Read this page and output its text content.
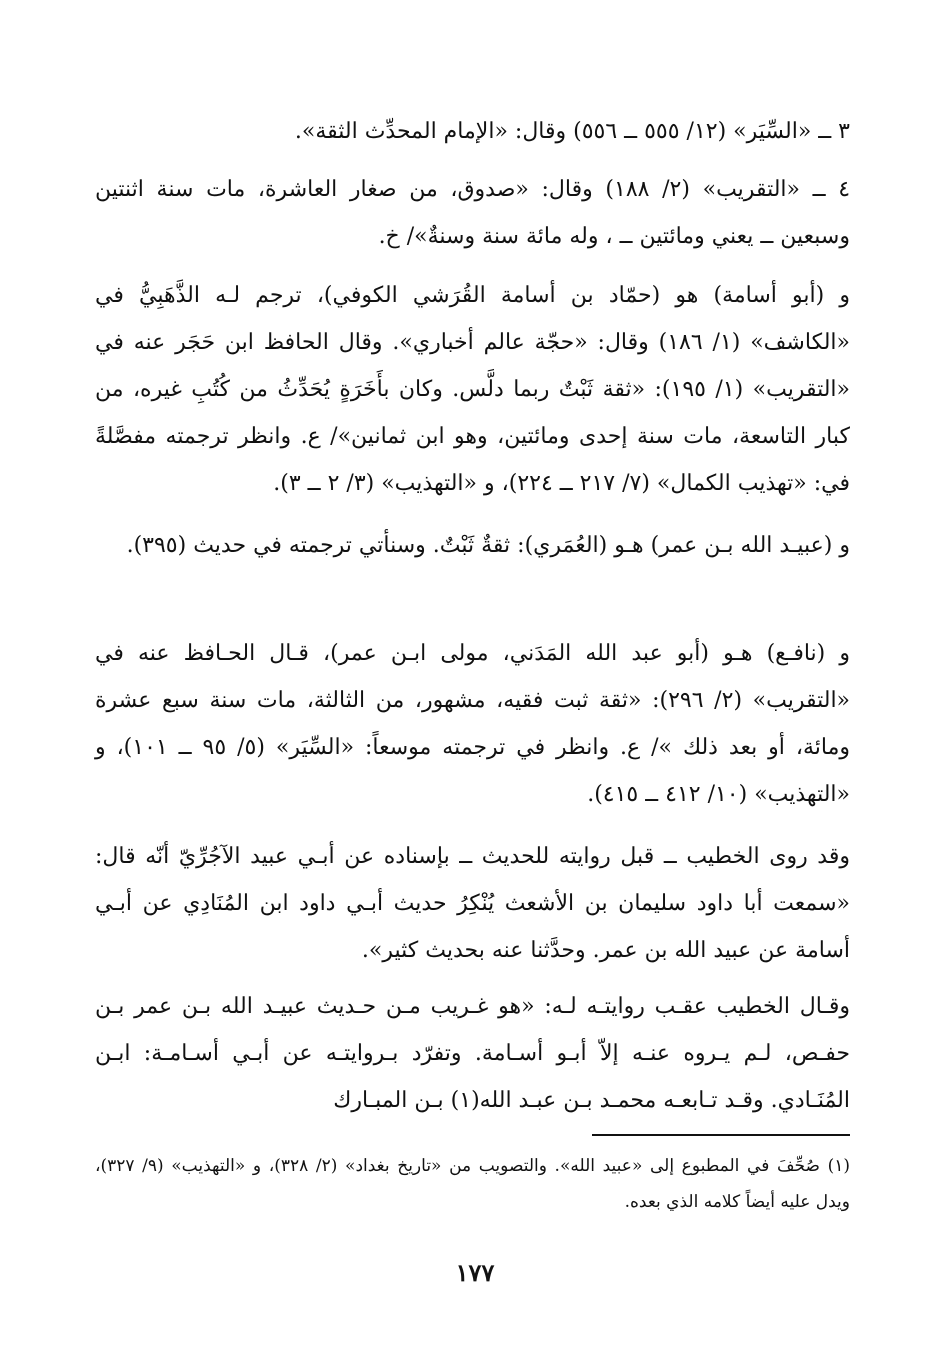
٣ ــ «السِّيَر» (١٢/ ٥٥٥ ــ ٥٥٦) وقال: «الإمام المحدِّث الثقة».

٤ ــ «التقريب» (٢/ ١٨٨) وقال: «صدوق، من صغار العاشرة، مات سنة اثنتين وسبعين ــ يعني ومائتين ــ ، وله مائة سنة وسنةٌ»/ خ.

و (أبو أسامة) هو (حمّاد بن أسامة القُرَشي الكوفي)، ترجم لـه الذَّهَبِيُّ في «الكاشف» (١/ ١٨٦) وقال: «حجّة عالم أخباري». وقال الحافظ ابن حَجَر عنه في «التقريب» (١/ ١٩٥): «ثقة ثَبْتٌ ربما دلَّس. وكان بأَخَرَةٍ يُحَدِّثُ من كُتُبِ غيره، من كبار التاسعة، مات سنة إحدى ومائتين، وهو ابن ثمانين»/ ع. وانظر ترجمته مفصَّلةً في: «تهذيب الكمال» (٧/ ٢١٧ ــ ٢٢٤)، و «التهذيب» (٣/ ٢ ــ ٣).

و (عبيـد الله بـن عمر) هـو (العُمَري): ثقةٌ ثَبْتٌ. وسنأتي ترجمته في حديث (٣٩٥).

و (نافـع) هـو (أبو عبد الله المَدَني، مولى ابـن عمر)، قـال الحـافظ عنه في «التقريب» (٢/ ٢٩٦): «ثقة ثبت فقيه، مشهور، من الثالثة، مات سنة سبع عشرة ومائة، أو بعد ذلك »/ ع. وانظر في ترجمته موسعاً: «السِّيَر» (٥/ ٩٥ ــ ١٠١)، و «التهذيب» (١٠/ ٤١٢ ــ ٤١٥).

وقد روى الخطيب ــ قبل روايته للحديث ــ بإسناده عن أبـي عبيد الآجُرِّيّ أنّه قال: «سمعت أبا داود سليمان بن الأشعث يُنْكِرُ حديث أبـي داود ابن المُنَادِي عن أبـي أسامة عن عبيد الله بن عمر. وحدَّثنا عنه بحديث كثير».

وقـال الخطيب عقـب روايتـه لـه: «هو غـريب مـن حـديث عبيـد الله بـن عمر بـن حفـص، لـم يـروه عنـه إلاّ أبـو أسـامة. وتفرّد بـروايتـه عن أبـي أسـامـة: ابـن المُنَـادي. وقـد تـابعـه محمـد بـن عبـد الله(١) بـن المبـارك

(١) صُحِّفَ في المطبوع إلى «عبيد الله». والتصويب من «تاريخ بغداد» (٢/ ٣٢٨)، و «التهذيب» (٩/ ٣٢٧)، ويدل عليه أيضاً كلامه الذي بعده.

١٧٧
